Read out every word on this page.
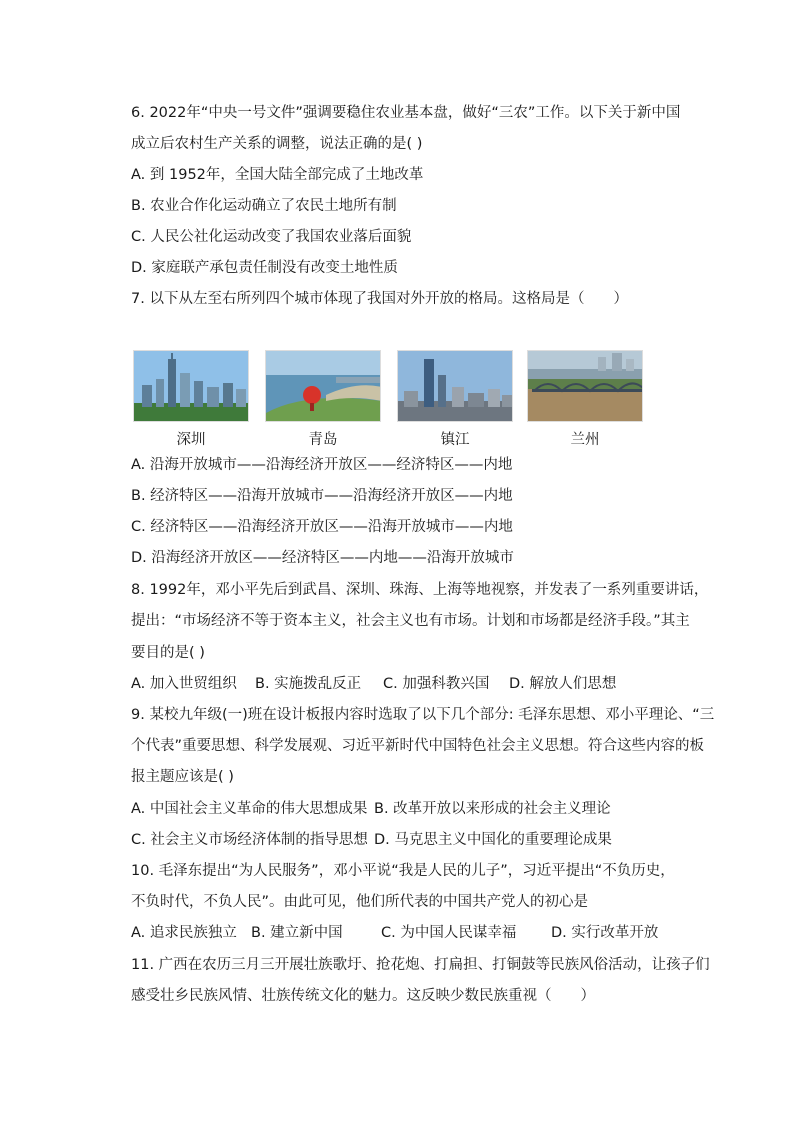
6. 2022年“中央一号文件”强调要稳住农业基本盘，做好“三农”工作。以下关于新中国
成立后农村生产关系的调整，说法正确的是( )
A. 到 1952年，全国大陆全部完成了土地改革
B. 农业合作化运动确立了农民土地所有制
C. 人民公社化运动改变了我国农业落后面貌
D. 家庭联产承包责任制没有改变土地性质
7. 以下从左至右所列四个城市体现了我国对外开放的格局。这格局是（　　）
深圳	青岛	镇江	兰州
A. 沿海开放城市——沿海经济开放区——经济特区——内地
B. 经济特区——沿海开放城市——沿海经济开放区——内地
C. 经济特区——沿海经济开放区——沿海开放城市——内地
D. 沿海经济开放区——经济特区——内地——沿海开放城市
8. 1992年，邓小平先后到武昌、深圳、珠海、上海等地视察，并发表了一系列重要讲话，
提出：“市场经济不等于资本主义，社会主义也有市场。计划和市场都是经济手段。”其主
要目的是( )
A. 加入世贸组织 B. 实施拨乱反正 C. 加强科教兴国 D. 解放人们思想
9. 某校九年级(一)班在设计板报内容时选取了以下几个部分: 毛泽东思想、邓小平理论、“三
个代表”重要思想、科学发展观、习近平新时代中国特色社会主义思想。符合这些内容的板
报主题应该是( )
A. 中国社会主义革命的伟大思想成果 B. 改革开放以来形成的社会主义理论
C. 社会主义市场经济体制的指导思想 D. 马克思主义中国化的重要理论成果
10. 毛泽东提出“为人民服务”，邓小平说“我是人民的儿子”，习近平提出“不负历史，
不负时代，不负人民”。由此可见，他们所代表的中国共产党人的初心是
A. 追求民族独立 B. 建立新中国	C. 为中国人民谋幸福 D. 实行改革开放
11. 广西在农历三月三开展壮族歌圩、抢花炮、打扁担、打铜鼓等民族风俗活动，让孩子们
感受壮乡民族风情、壮族传统文化的魅力。这反映少数民族重视（　　）
